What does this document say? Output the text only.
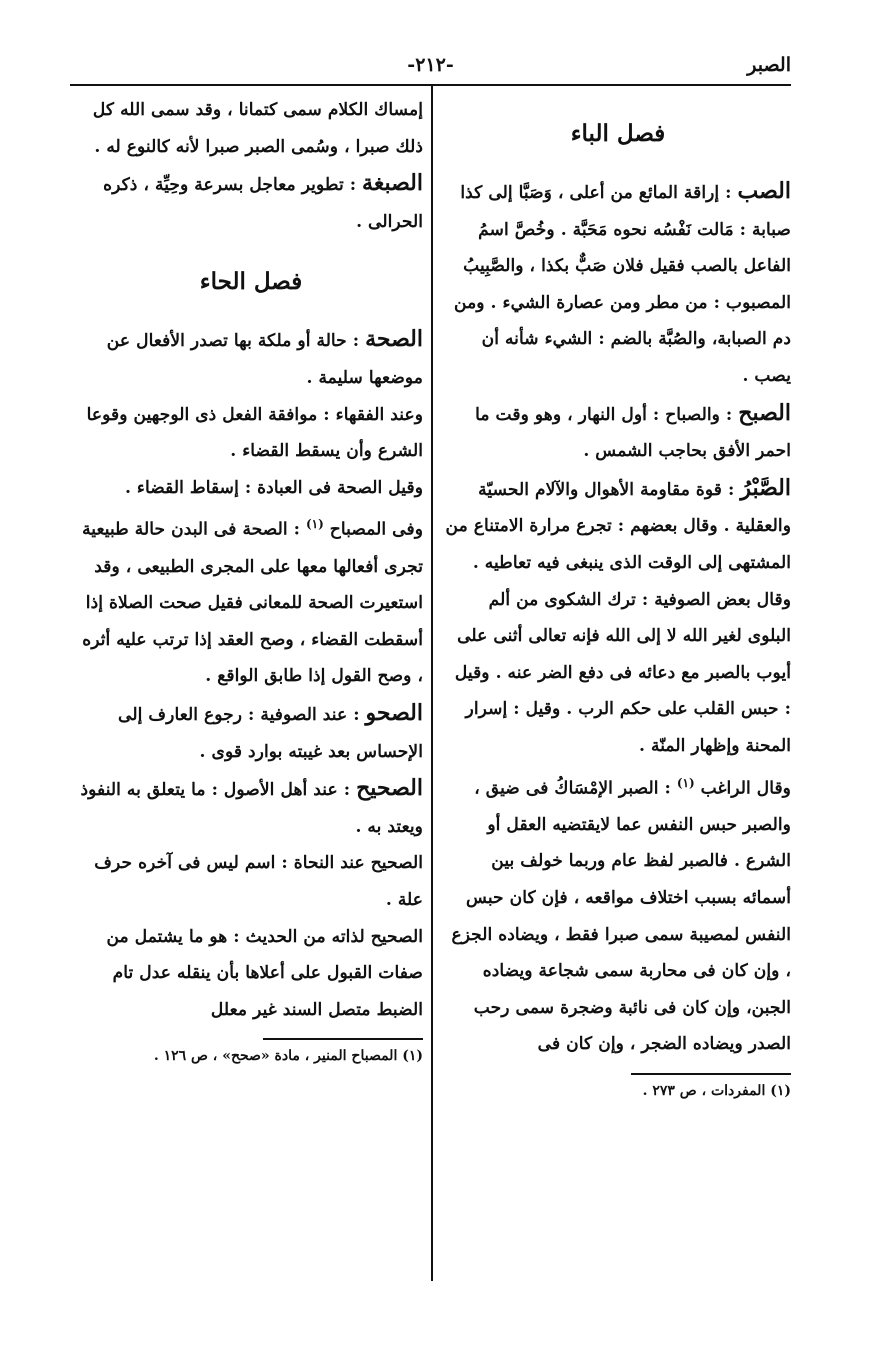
الصبر
-٢١٢-
فصل الباء

الصب : إراقة المائع من أعلى ، وَصَبَّا إلى كذا صبابة : مَالت نَفْسُه نحوه مَحَبَّة . وخُصَّ اسمُ الفاعل بالصب فقيل فلان صَبٌّ بكذا ، والصَّبِيبُ المصبوب : من مطر ومن عصارة الشيء . ومن دم الصبابة، والصُبَّة بالضم : الشيء شأنه أن يصب .

الصبح : والصباح : أول النهار ، وهو وقت ما احمر الأفق بحاجب الشمس .

الصَّبْرُ : قوة مقاومة الأهوال والآلام الحسيّة والعقلية . وقال بعضهم : تجرع مرارة الامتناع من المشتهى إلى الوقت الذى ينبغى فيه تعاطيه .

وقال بعض الصوفية : ترك الشكوى من ألم البلوى لغير الله لا إلى الله فإنه تعالى أثنى على أيوب بالصبر مع دعائه فى دفع الضر عنه . وقيل : حبس القلب على حكم الرب . وقيل : إسرار المحنة وإظهار المنّة .

وقال الراغب $^{(١)}$ : الصبر الإمْسَاكُ فى ضيق ، والصبر حبس النفس عما لايقتضيه العقل أو الشرع . فالصبر لفظ عام وربما خولف بين أسمائه بسبب اختلاف مواقعه ، فإن كان حبس النفس لمصيبة سمى صبرا فقط ، ويضاده الجزع ، وإن كان فى محاربة سمى شجاعة ويضاده الجبن، وإن كان فى نائبة وضجرة سمى رحب الصدر ويضاده الضجر ، وإن كان فى

(١) المفردات ، ص ٢٧٣ .

إمساك الكلام سمى كتمانا ، وقد سمى الله كل ذلك صبرا ، وسُمى الصبر صبرا لأنه كالنوع له .

الصبغة : تطوير معاجل بسرعة وحِيِّة ، ذكره الحرالى .

فصل الحاء

الصحة : حالة أو ملكة بها تصدر الأفعال عن موضعها سليمة .

وعند الفقهاء : موافقة الفعل ذى الوجهين وقوعا الشرع وأن يسقط القضاء .

وقيل الصحة فى العبادة : إسقاط القضاء .

وفى المصباح $^{(١)}$ : الصحة فى البدن حالة طبيعية تجرى أفعالها معها على المجرى الطبيعى ، وقد استعيرت الصحة للمعانى فقيل صحت الصلاة إذا أسقطت القضاء ، وصح العقد إذا ترتب عليه أثره ، وصح القول إذا طابق الواقع .

الصحو : عند الصوفية : رجوع العارف إلى الإحساس بعد غيبته بوارد قوى .

الصحيح : عند أهل الأصول : ما يتعلق به النفوذ ويعتد به .

الصحيح عند النحاة : اسم ليس فى آخره حرف علة .

الصحيح لذاته من الحديث : هو ما يشتمل من صفات القبول على أعلاها بأن ينقله عدل تام الضبط متصل السند غير معلل

(١) المصباح المنير ، مادة «صحح» ، ص ١٢٦ .
